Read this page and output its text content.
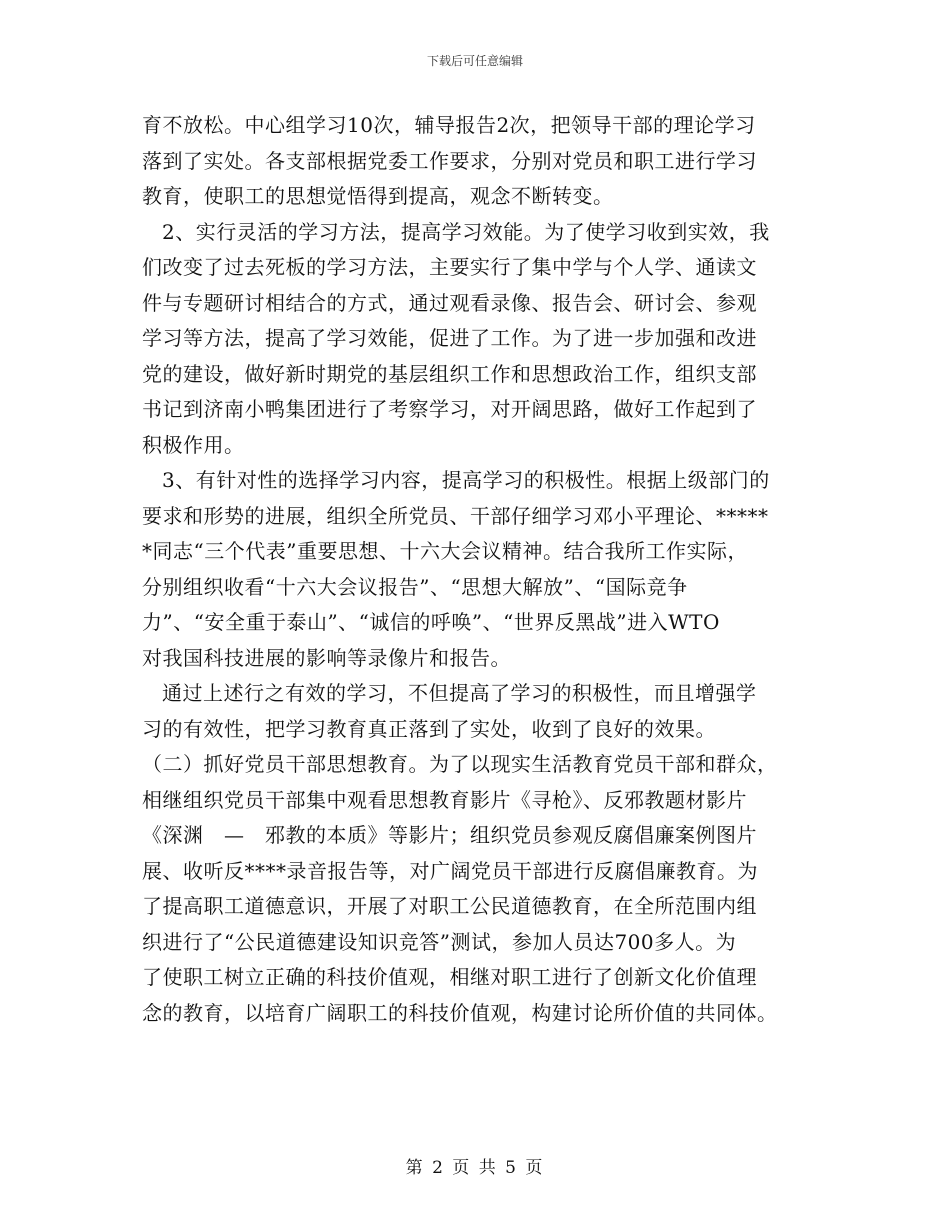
下载后可任意编辑

育不放松。中心组学习10次，辅导报告2次，把领导干部的理论学习

落到了实处。各支部根据党委工作要求，分别对党员和职工进行学习

教育，使职工的思想觉悟得到提高，观念不断转变。

2、实行灵活的学习方法，提高学习效能。为了使学习收到实效，我

们改变了过去死板的学习方法，主要实行了集中学与个人学、通读文

件与专题研讨相结合的方式，通过观看录像、报告会、研讨会、参观

学习等方法，提高了学习效能，促进了工作。为了进一步加强和改进

党的建设，做好新时期党的基层组织工作和思想政治工作，组织支部

书记到济南小鸭集团进行了考察学习，对开阔思路，做好工作起到了

积极作用。

3、有针对性的选择学习内容，提高学习的积极性。根据上级部门的

要求和形势的进展，组织全所党员、干部仔细学习邓小平理论、*****

*同志“三个代表”重要思想、十六大会议精神。结合我所工作实际，

分别组织收看“十六大会议报告”、“思想大解放”、“国际竞争

力”、“安全重于泰山”、“诚信的呼唤”、“世界反黑战”进入WTO

对我国科技进展的影响等录像片和报告。

通过上述行之有效的学习，不但提高了学习的积极性，而且增强学

习的有效性，把学习教育真正落到了实处，收到了良好的效果。

（二）抓好党员干部思想教育。为了以现实生活教育党员干部和群众，

相继组织党员干部集中观看思想教育影片《寻枪》、反邪教题材影片

《深渊　—　邪教的本质》等影片；组织党员参观反腐倡廉案例图片

展、收听反****录音报告等，对广阔党员干部进行反腐倡廉教育。为

了提高职工道德意识，开展了对职工公民道德教育，在全所范围内组

织进行了“公民道德建设知识竞答”测试，参加人员达700多人。为

了使职工树立正确的科技价值观，相继对职工进行了创新文化价值理

念的教育，以培育广阔职工的科技价值观，构建讨论所价值的共同体。

第 2 页 共 5 页
